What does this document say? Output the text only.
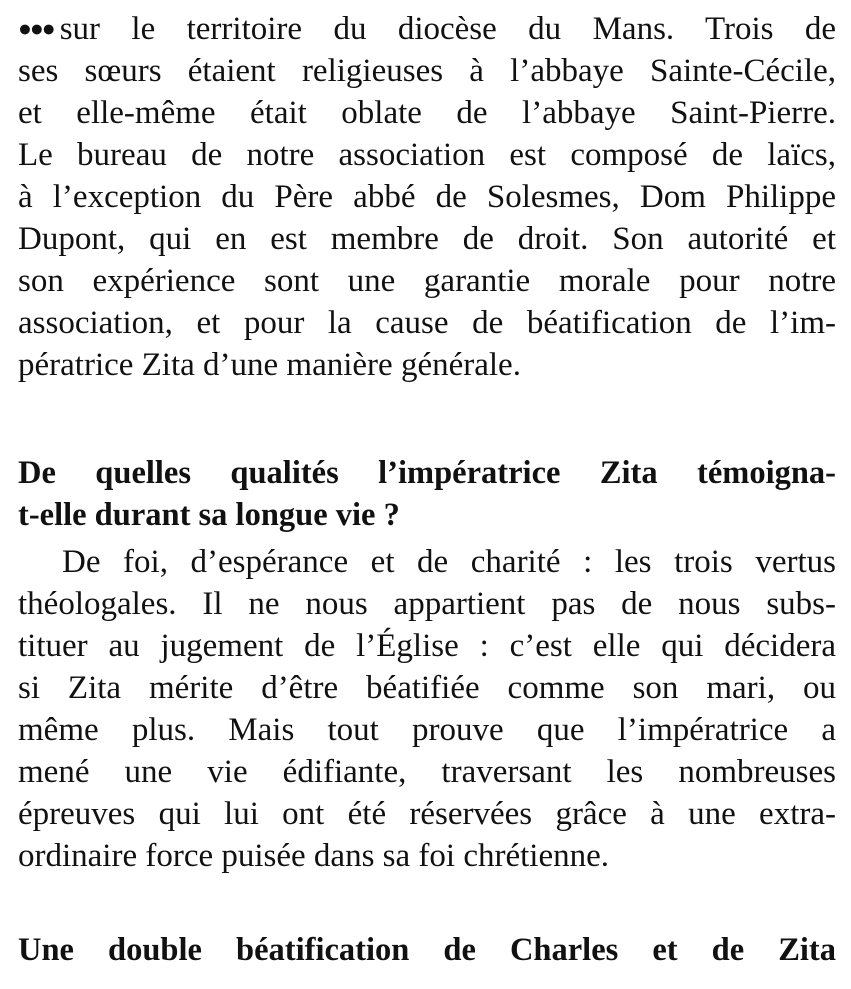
●●● sur le territoire du diocèse du Mans. Trois de
ses sœurs étaient religieuses à l’abbaye Sainte-Cécile,
et elle-même était oblate de l’abbaye Saint-Pierre.
Le bureau de notre association est composé de laïcs,
à l’exception du Père abbé de Solesmes, Dom Philippe
Dupont, qui en est membre de droit. Son autorité et
son expérience sont une garantie morale pour notre
association, et pour la cause de béatification de l’im-
pératrice Zita d’une manière générale.
De quelles qualités l’impératrice Zita témoigna-
t-elle durant sa longue vie ?
De foi, d’espérance et de charité : les trois vertus
théologales. Il ne nous appartient pas de nous subs-
tituer au jugement de l’Église : c’est elle qui décidera
si Zita mérite d’être béatifiée comme son mari, ou
même plus. Mais tout prouve que l’impératrice a
mené une vie édifiante, traversant les nombreuses
épreuves qui lui ont été réservées grâce à une extra-
ordinaire force puisée dans sa foi chrétienne.
Une double béatification de Charles et de Zita
